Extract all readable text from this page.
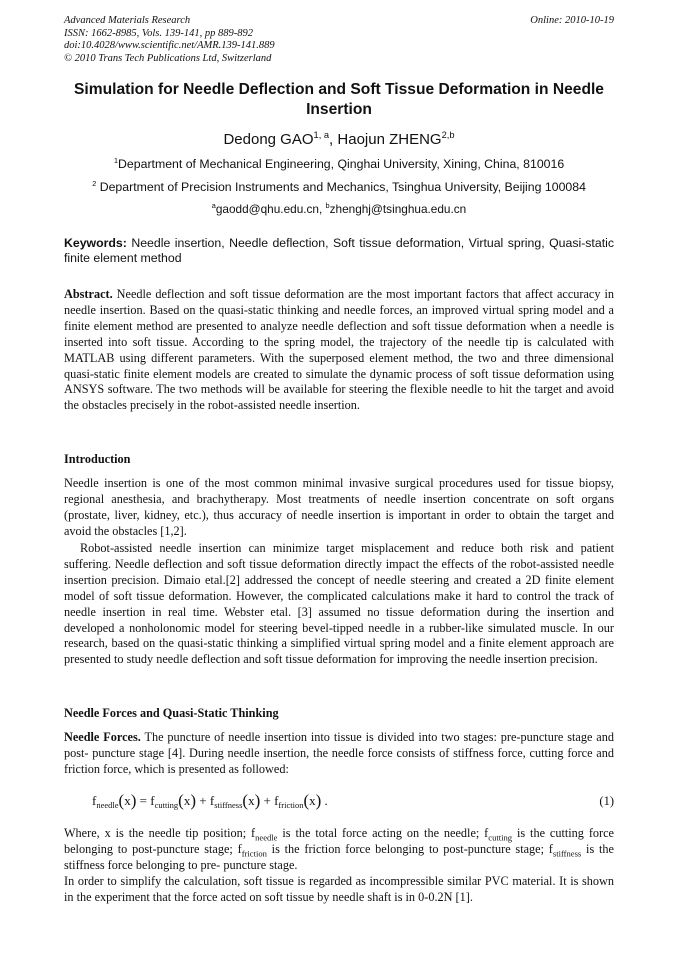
Advanced Materials Research
ISSN: 1662-8985, Vols. 139-141, pp 889-892
doi:10.4028/www.scientific.net/AMR.139-141.889
© 2010 Trans Tech Publications Ltd, Switzerland
Online: 2010-10-19
Simulation for Needle Deflection and Soft Tissue Deformation in Needle Insertion
Dedong GAO$^{1, a}$, Haojun ZHENG$^{2,b}$
$^1$Department of Mechanical Engineering, Qinghai University, Xining, China, 810016
$^2$ Department of Precision Instruments and Mechanics, Tsinghua University, Beijing 100084
$^a$gaodd@qhu.edu.cn, $^b$zhenghj@tsinghua.edu.cn
Keywords: Needle insertion, Needle deflection, Soft tissue deformation, Virtual spring, Quasi-static finite element method
Abstract. Needle deflection and soft tissue deformation are the most important factors that affect accuracy in needle insertion. Based on the quasi-static thinking and needle forces, an improved virtual spring model and a finite element method are presented to analyze needle deflection and soft tissue deformation when a needle is inserted into soft tissue. According to the spring model, the trajectory of the needle tip is calculated with MATLAB using different parameters. With the superposed element method, the two and three dimensional quasi-static finite element models are created to simulate the dynamic process of soft tissue deformation using ANSYS software. The two methods will be available for steering the flexible needle to hit the target and avoid the obstacles precisely in the robot-assisted needle insertion.
Introduction
Needle insertion is one of the most common minimal invasive surgical procedures used for tissue biopsy, regional anesthesia, and brachytherapy. Most treatments of needle insertion concentrate on soft organs (prostate, liver, kidney, etc.), thus accuracy of needle insertion is important in order to obtain the target and avoid the obstacles [1,2].
Robot-assisted needle insertion can minimize target misplacement and reduce both risk and patient suffering. Needle deflection and soft tissue deformation directly impact the effects of the robot-assisted needle insertion precision. Dimaio etal.[2] addressed the concept of needle steering and created a 2D finite element model of soft tissue deformation. However, the complicated calculations make it hard to control the track of needle insertion in real time. Webster etal. [3] assumed no tissue deformation during the insertion and developed a nonholonomic model for steering bevel-tipped needle in a rubber-like simulated muscle. In our research, based on the quasi-static thinking a simplified virtual spring model and a finite element approach are presented to study needle deflection and soft tissue deformation for improving the needle insertion precision.
Needle Forces and Quasi-Static Thinking
Needle Forces. The puncture of needle insertion into tissue is divided into two stages: pre-puncture stage and post- puncture stage [4]. During needle insertion, the needle force consists of stiffness force, cutting force and friction force, which is presented as followed:
$f_{needle}(x) = f_{cutting}(x) + f_{stiffness}(x) + f_{friction}(x)$ .	(1)
Where, x is the needle tip position; $f_{needle}$ is the total force acting on the needle; $f_{cutting}$ is the cutting force belonging to post-puncture stage; $f_{friction}$ is the friction force belonging to post-puncture stage; $f_{stiffness}$ is the stiffness force belonging to pre- puncture stage.
In order to simplify the calculation, soft tissue is regarded as incompressible similar PVC material. It is shown in the experiment that the force acted on soft tissue by needle shaft is in 0-0.2N [1].
